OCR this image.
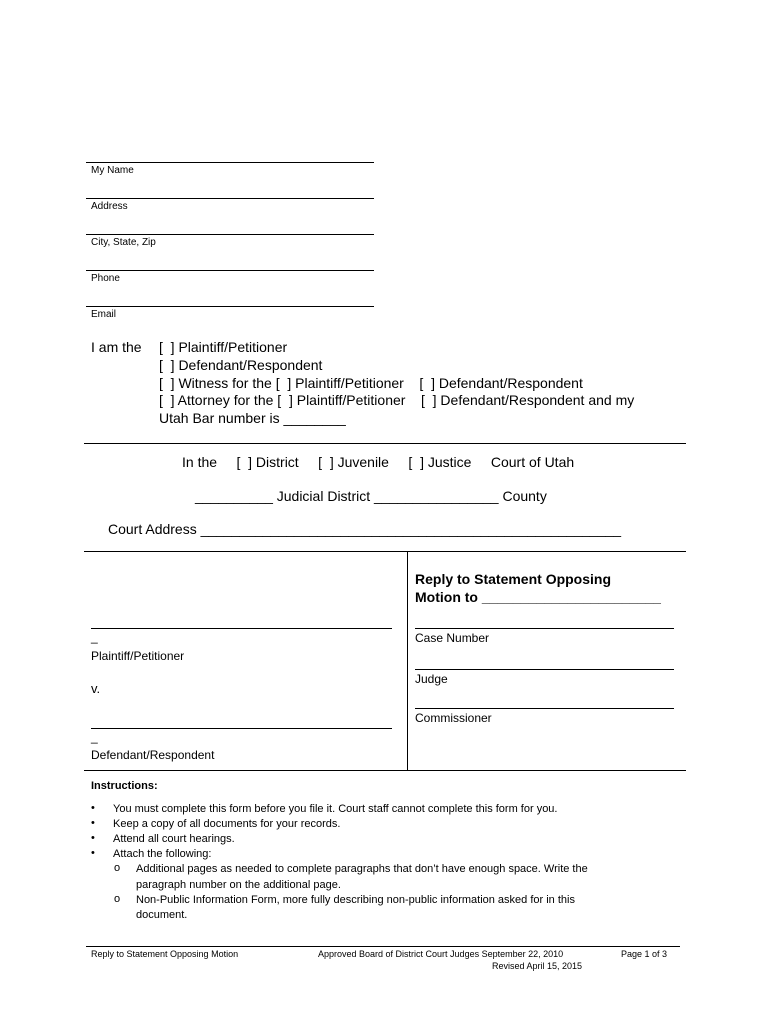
My Name
Address
City, State, Zip
Phone
Email
I am the [  ] Plaintiff/Petitioner
[  ] Defendant/Respondent
[  ] Witness for the [  ] Plaintiff/Petitioner    [  ] Defendant/Respondent
[  ] Attorney for the [  ] Plaintiff/Petitioner    [  ] Defendant/Respondent and my
Utah Bar number is ________
In the     [  ] District     [  ] Juvenile     [  ] Justice     Court of Utah
__________ Judicial District ________________ County
Court Address ______________________________________________________
_
Plaintiff/Petitioner
v.
_
Defendant/Respondent
Reply to Statement Opposing
Motion to _______________________
Case Number
Judge
Commissioner
Instructions:
• You must complete this form before you file it. Court staff cannot complete this form for you.
• Keep a copy of all documents for your records.
• Attend all court hearings.
• Attach the following:
o Additional pages as needed to complete paragraphs that don’t have enough space. Write the
paragraph number on the additional page.
o Non-Public Information Form, more fully describing non-public information asked for in this
document.
Reply to Statement Opposing Motion	Approved Board of District Court Judges September 22, 2010
Revised April 15, 2015
Page 1 of 3
